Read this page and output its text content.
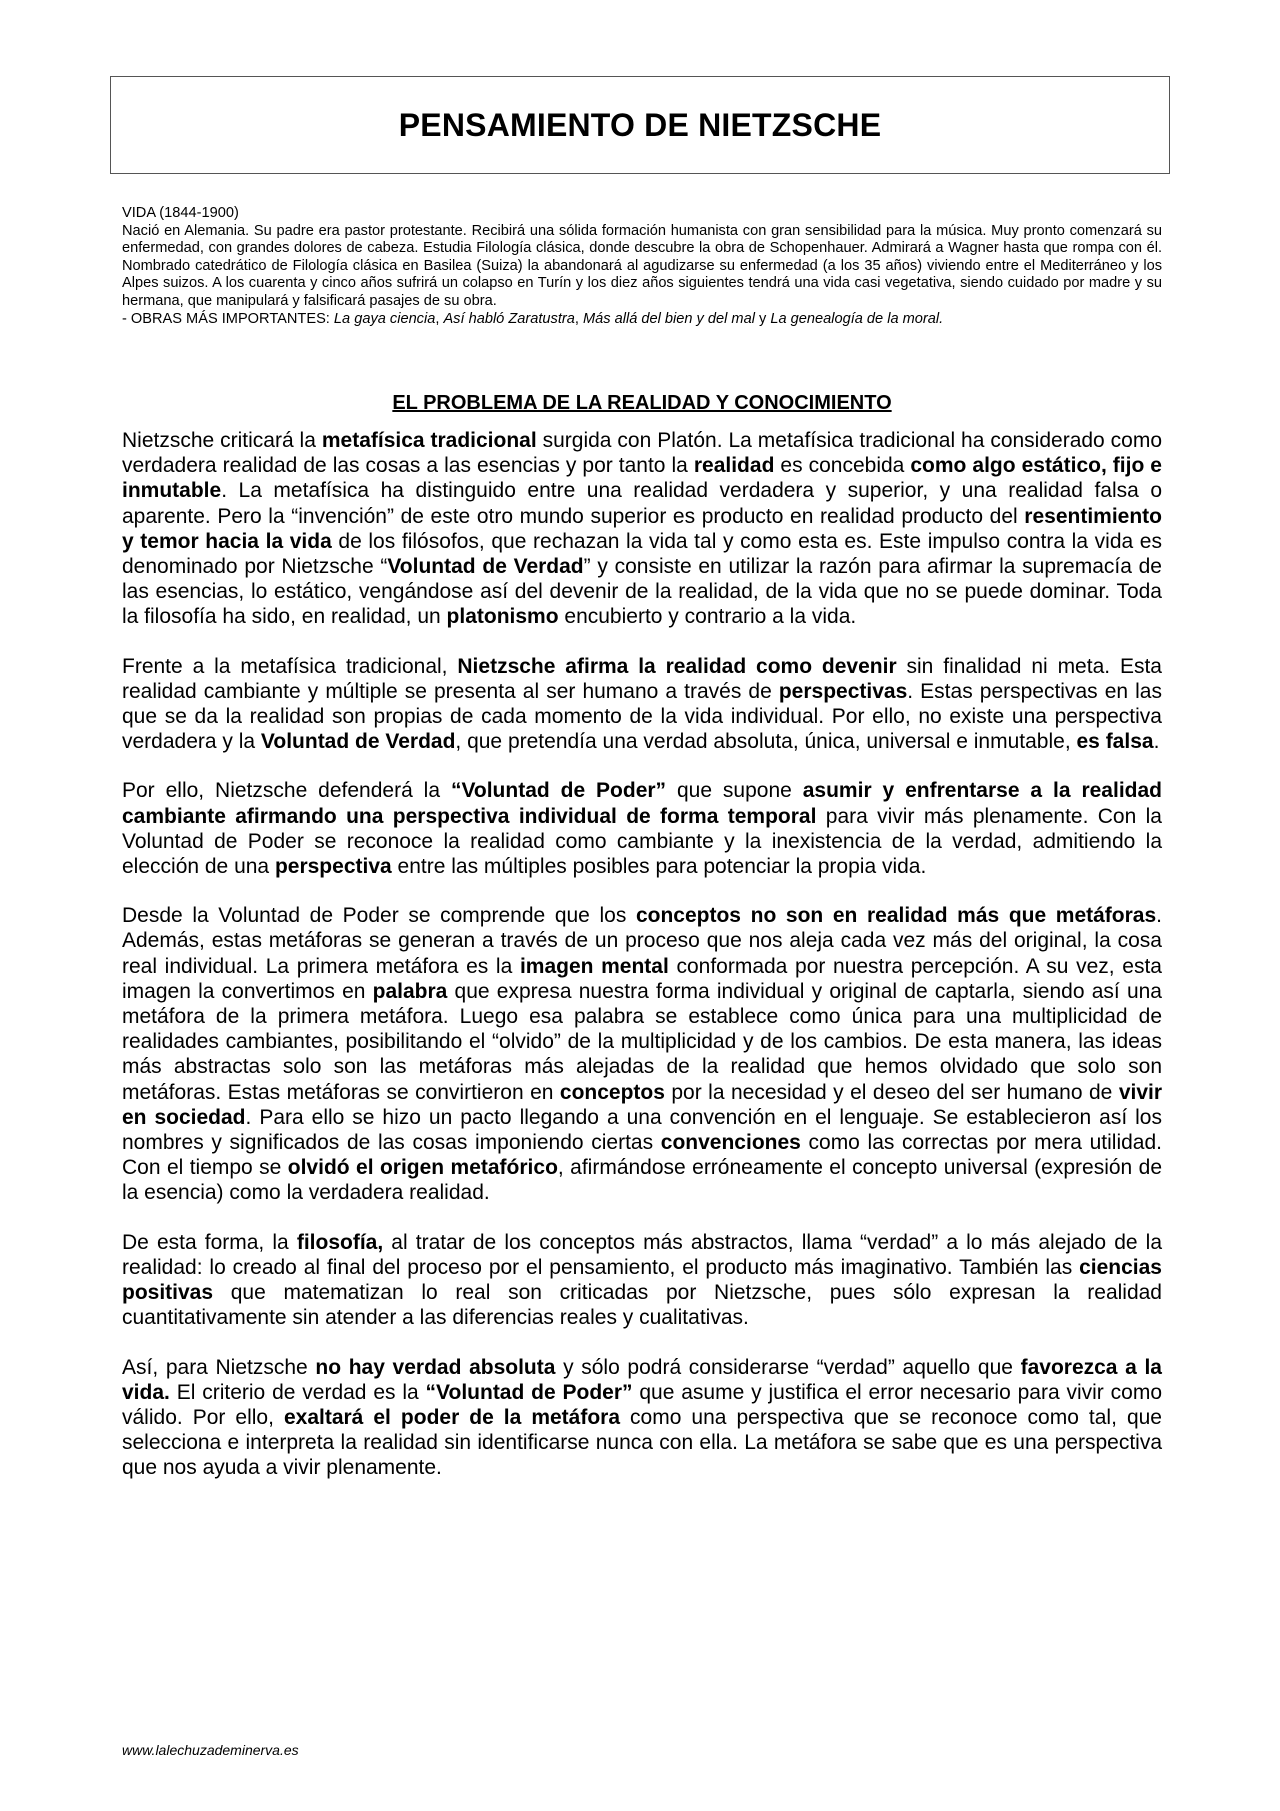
PENSAMIENTO DE NIETZSCHE

VIDA (1844-1900)

Nació en Alemania. Su padre era pastor protestante. Recibirá una sólida formación humanista con gran sensibilidad para la música. Muy pronto comenzará su enfermedad, con grandes dolores de cabeza. Estudia Filología clásica, donde descubre la obra de Schopenhauer. Admirará a Wagner hasta que rompa con él. Nombrado catedrático de Filología clásica en Basilea (Suiza) la abandonará al agudizarse su enfermedad (a los 35 años) viviendo entre el Mediterráneo y los Alpes suizos. A los cuarenta y cinco años sufrirá un colapso en Turín y los diez años siguientes tendrá una vida casi vegetativa, siendo cuidado por madre y su hermana, que manipulará y falsificará pasajes de su obra.

- OBRAS MÁS IMPORTANTES: La gaya ciencia, Así habló Zaratustra, Más allá del bien y del mal y La genealogía de la moral.

EL PROBLEMA DE LA REALIDAD Y CONOCIMIENTO

Nietzsche criticará la metafísica tradicional surgida con Platón. La metafísica tradicional ha considerado como verdadera realidad de las cosas a las esencias y por tanto la realidad es concebida como algo estático, fijo e inmutable. La metafísica ha distinguido entre una realidad verdadera y superior, y una realidad falsa o aparente. Pero la “invención” de este otro mundo superior es producto en realidad producto del resentimiento y temor hacia la vida de los filósofos, que rechazan la vida tal y como esta es. Este impulso contra la vida es denominado por Nietzsche “Voluntad de Verdad” y consiste en utilizar la razón para afirmar la supremacía de las esencias, lo estático, vengándose así del devenir de la realidad, de la vida que no se puede dominar. Toda la filosofía ha sido, en realidad, un platonismo encubierto y contrario a la vida.

Frente a la metafísica tradicional, Nietzsche afirma la realidad como devenir sin finalidad ni meta. Esta realidad cambiante y múltiple se presenta al ser humano a través de perspectivas. Estas perspectivas en las que se da la realidad son propias de cada momento de la vida individual. Por ello, no existe una perspectiva verdadera y la Voluntad de Verdad, que pretendía una verdad absoluta, única, universal e inmutable, es falsa.

Por ello, Nietzsche defenderá la “Voluntad de Poder” que supone asumir y enfrentarse a la realidad cambiante afirmando una perspectiva individual de forma temporal para vivir más plenamente. Con la Voluntad de Poder se reconoce la realidad como cambiante y la inexistencia de la verdad, admitiendo la elección de una perspectiva entre las múltiples posibles para potenciar la propia vida.

Desde la Voluntad de Poder se comprende que los conceptos no son en realidad más que metáforas. Además, estas metáforas se generan a través de un proceso que nos aleja cada vez más del original, la cosa real individual. La primera metáfora es la imagen mental conformada por nuestra percepción. A su vez, esta imagen la convertimos en palabra que expresa nuestra forma individual y original de captarla, siendo así una metáfora de la primera metáfora. Luego esa palabra se establece como única para una multiplicidad de realidades cambiantes, posibilitando el “olvido” de la multiplicidad y de los cambios. De esta manera, las ideas más abstractas solo son las metáforas más alejadas de la realidad que hemos olvidado que solo son metáforas. Estas metáforas se convirtieron en conceptos por la necesidad y el deseo del ser humano de vivir en sociedad. Para ello se hizo un pacto llegando a una convención en el lenguaje. Se establecieron así los nombres y significados de las cosas imponiendo ciertas convenciones como las correctas por mera utilidad. Con el tiempo se olvidó el origen metafórico, afirmándose erróneamente el concepto universal (expresión de la esencia) como la verdadera realidad.

De esta forma, la filosofía, al tratar de los conceptos más abstractos, llama “verdad” a lo más alejado de la realidad: lo creado al final del proceso por el pensamiento, el producto más imaginativo. También las ciencias positivas que matematizan lo real son criticadas por Nietzsche, pues sólo expresan la realidad cuantitativamente sin atender a las diferencias reales y cualitativas.

Así, para Nietzsche no hay verdad absoluta y sólo podrá considerarse “verdad” aquello que favorezca a la vida. El criterio de verdad es la “Voluntad de Poder” que asume y justifica el error necesario para vivir como válido. Por ello, exaltará el poder de la metáfora como una perspectiva que se reconoce como tal, que selecciona e interpreta la realidad sin identificarse nunca con ella. La metáfora se sabe que es una perspectiva que nos ayuda a vivir plenamente.

www.lalechuzademinerva.es
